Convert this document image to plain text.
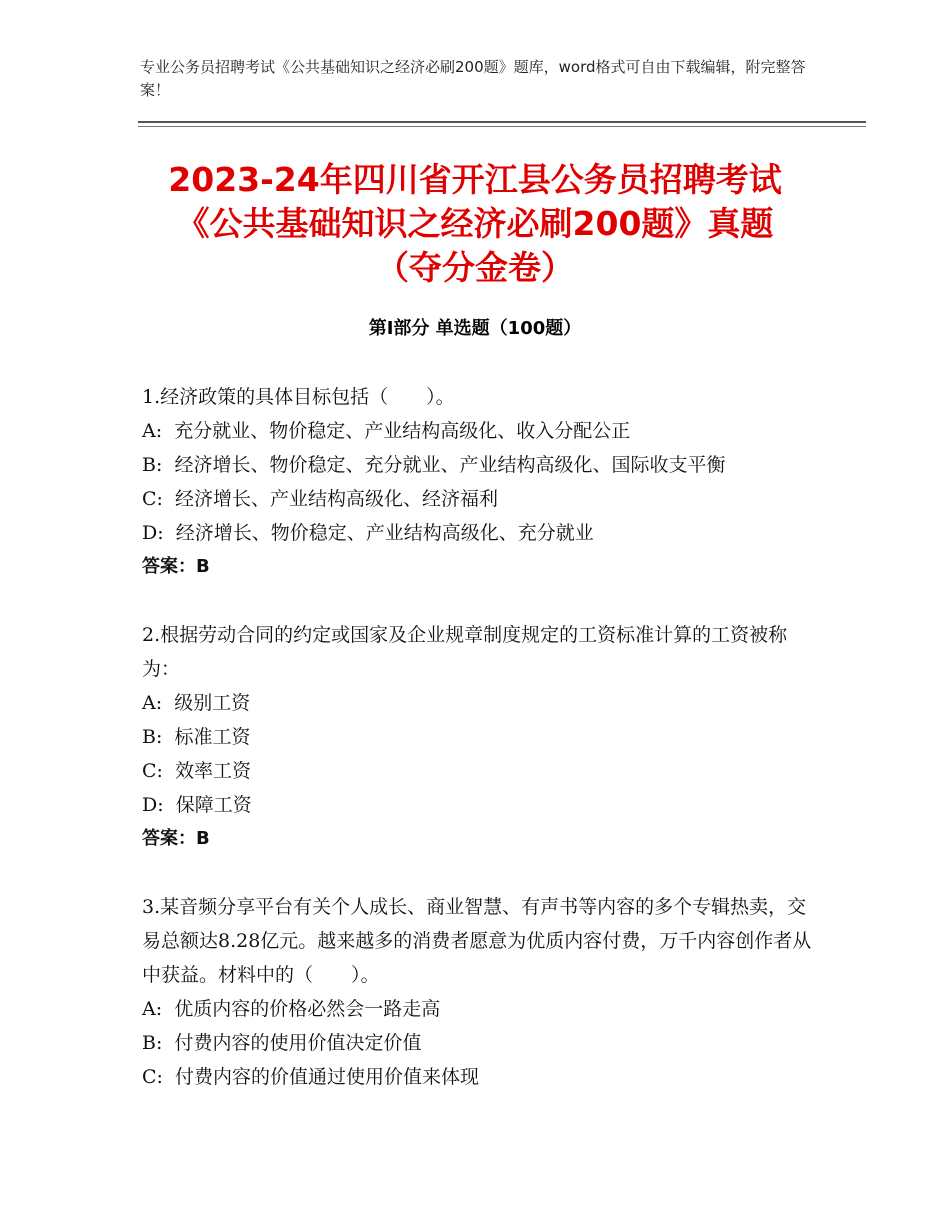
专业公务员招聘考试《公共基础知识之经济必刷200题》题库，word格式可自由下载编辑，附完整答案！
2023-24年四川省开江县公务员招聘考试
《公共基础知识之经济必刷200题》真题
（夺分金卷）
第Ⅰ部分 单选题（100题）
1.经济政策的具体目标包括（　　）。
A:  充分就业、物价稳定、产业结构高级化、收入分配公正
B:  经济增长、物价稳定、充分就业、产业结构高级化、国际收支平衡
C:  经济增长、产业结构高级化、经济福利
D:  经济增长、物价稳定、产业结构高级化、充分就业
答案：B
2.根据劳动合同的约定或国家及企业规章制度规定的工资标准计算的工资被称为：
A:  级别工资
B:  标准工资
C:  效率工资
D:  保障工资
答案：B
3.某音频分享平台有关个人成长、商业智慧、有声书等内容的多个专辑热卖，交易总额达8.28亿元。越来越多的消费者愿意为优质内容付费，万千内容创作者从中获益。材料中的（　　）。
A:  优质内容的价格必然会一路走高
B:  付费内容的使用价值决定价值
C:  付费内容的价值通过使用价值来体现
